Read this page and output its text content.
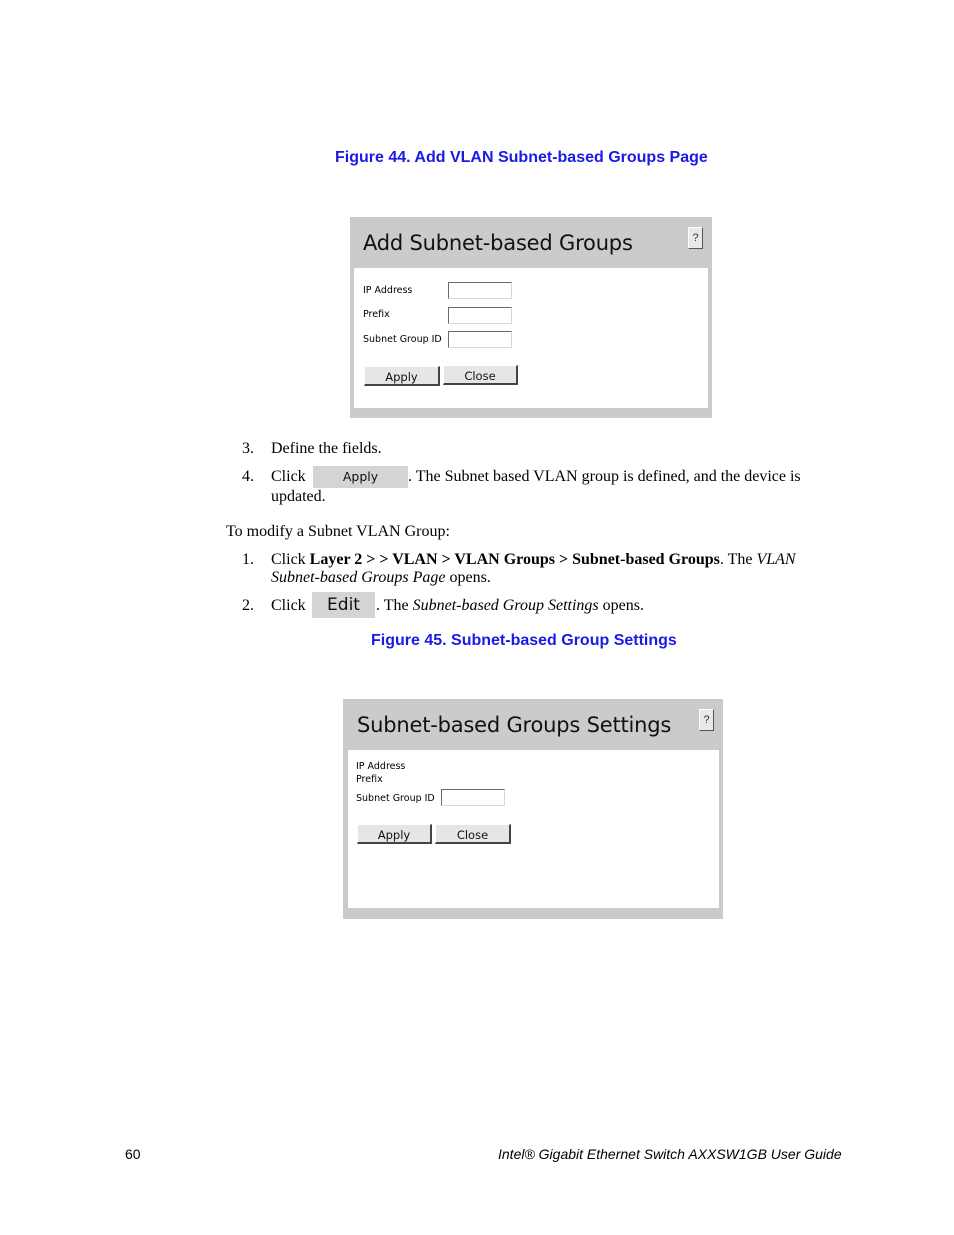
Figure 44. Add VLAN Subnet-based Groups Page
Add Subnet-based Groups	?
IP Address
Prefix
Subnet Group ID
Apply	Close
3. Define the fields.
4. Click	Apply	. The Subnet based VLAN group is defined, and the device is
updated.
To modify a Subnet VLAN Group:
1. Click Layer 2 > > VLAN > VLAN Groups > Subnet-based Groups. The VLAN
Subnet-based Groups Page opens.
2. Click	Edit	. The Subnet-based Group Settings opens.
Figure 45. Subnet-based Group Settings
Subnet-based Groups Settings	?
IP Address
Prefix
Subnet Group ID
Apply	Close
60	Intel® Gigabit Ethernet Switch AXXSW1GB User Guide
